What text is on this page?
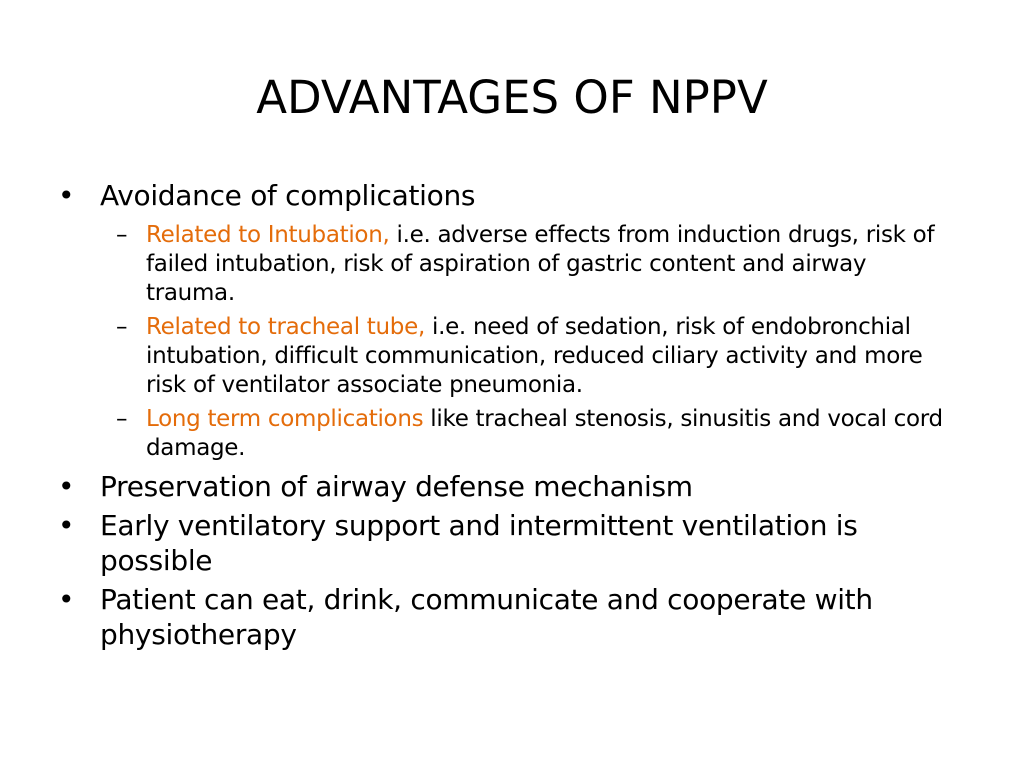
ADVANTAGES OF NPPV
• Avoidance of complications
– Related to Intubation, i.e. adverse effects from induction drugs, risk of failed intubation, risk of aspiration of gastric content and airway trauma.
– Related to tracheal tube, i.e. need of sedation, risk of endobronchial intubation, difficult communication, reduced ciliary activity and more risk of ventilator associate pneumonia.
– Long term complications like tracheal stenosis, sinusitis and vocal cord damage.
• Preservation of airway defense mechanism
• Early ventilatory support and intermittent ventilation is possible
• Patient can eat, drink, communicate and cooperate with physiotherapy
